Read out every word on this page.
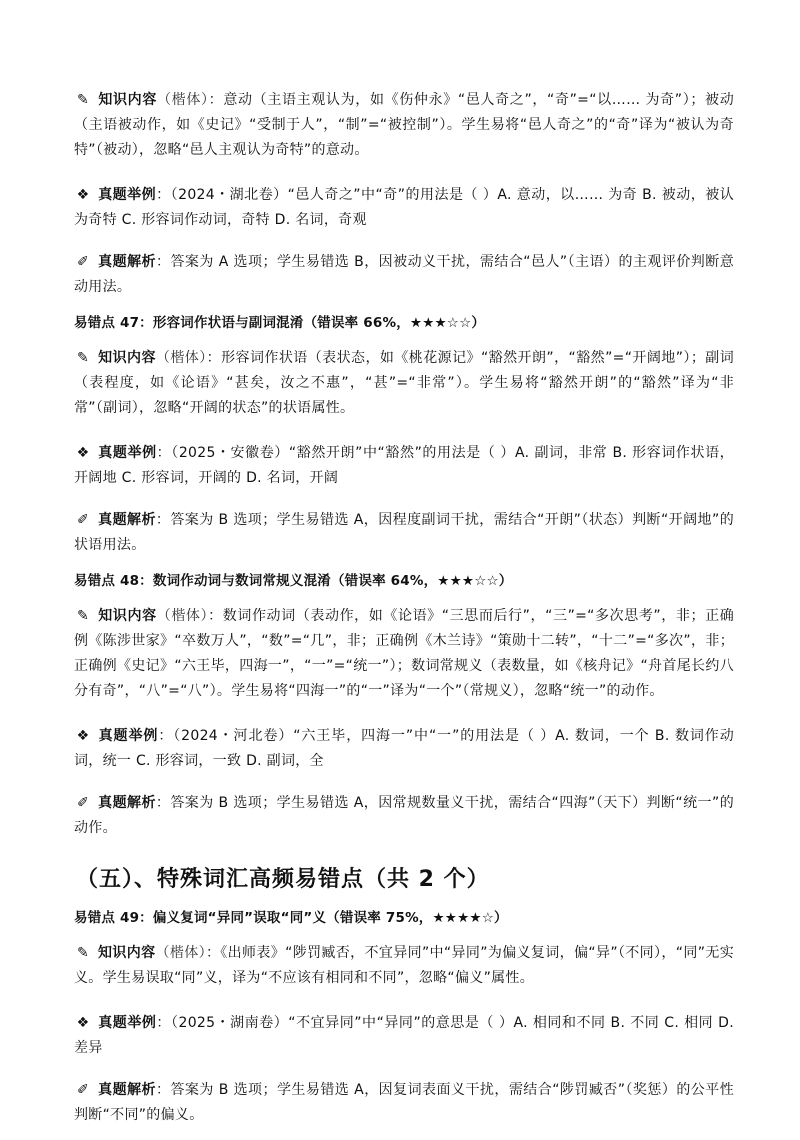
✎ 知识内容（楷体）：意动（主语主观认为，如《伤仲永》“邑人奇之”，“奇”=“以…… 为奇”）；被动（主语被动作，如《史记》“受制于人”，“制”=“被控制”）。学生易将“邑人奇之”的“奇”译为“被认为奇特”（被动），忽略“邑人主观认为奇特”的意动。

❖ 真题举例：（2024・湖北卷）“邑人奇之”中“奇”的用法是（ ）A. 意动，以…… 为奇 B. 被动，被认为奇特 C. 形容词作动词，奇特 D. 名词，奇观

✐ 真题解析：答案为 A 选项；学生易错选 B，因被动义干扰，需结合“邑人”（主语）的主观评价判断意动用法。

易错点 47：形容词作状语与副词混淆（错误率 66%，★★★☆☆）

✎ 知识内容（楷体）：形容词作状语（表状态，如《桃花源记》“豁然开朗”，“豁然”=“开阔地”）；副词（表程度，如《论语》“甚矣，汝之不惠”，“甚”=“非常”）。学生易将“豁然开朗”的“豁然”译为“非常”（副词），忽略“开阔的状态”的状语属性。

❖ 真题举例：（2025・安徽卷）“豁然开朗”中“豁然”的用法是（ ）A. 副词，非常 B. 形容词作状语，开阔地 C. 形容词，开阔的 D. 名词，开阔

✐ 真题解析：答案为 B 选项；学生易错选 A，因程度副词干扰，需结合“开朗”（状态）判断“开阔地”的状语用法。

易错点 48：数词作动词与数词常规义混淆（错误率 64%，★★★☆☆）

✎ 知识内容（楷体）：数词作动词（表动作，如《论语》“三思而后行”，“三”=“多次思考”，非；正确例《陈涉世家》“卒数万人”，“数”=“几”，非；正确例《木兰诗》“策勋十二转”，“十二”=“多次”，非；正确例《史记》“六王毕，四海一”，“一”=“统一”）；数词常规义（表数量，如《核舟记》“舟首尾长约八分有奇”，“八”=“八”）。学生易将“四海一”的“一”译为“一个”（常规义），忽略“统一”的动作。

❖ 真题举例：（2024・河北卷）“六王毕，四海一”中“一”的用法是（ ）A. 数词，一个 B. 数词作动词，统一 C. 形容词，一致 D. 副词，全

✐ 真题解析：答案为 B 选项；学生易错选 A，因常规数量义干扰，需结合“四海”（天下）判断“统一”的动作。

（五）、特殊词汇高频易错点（共 2 个）

易错点 49：偏义复词“异同”误取“同”义（错误率 75%，★★★★☆）

✎ 知识内容（楷体）：《出师表》“陟罚臧否，不宜异同”中“异同”为偏义复词，偏“异”（不同），“同”无实义。学生易误取“同”义，译为“不应该有相同和不同”，忽略“偏义”属性。

❖ 真题举例：（2025・湖南卷）“不宜异同”中“异同”的意思是（ ）A. 相同和不同 B. 不同 C. 相同 D. 差异

✐ 真题解析：答案为 B 选项；学生易错选 A，因复词表面义干扰，需结合“陟罚臧否”（奖惩）的公平性判断“不同”的偏义。
